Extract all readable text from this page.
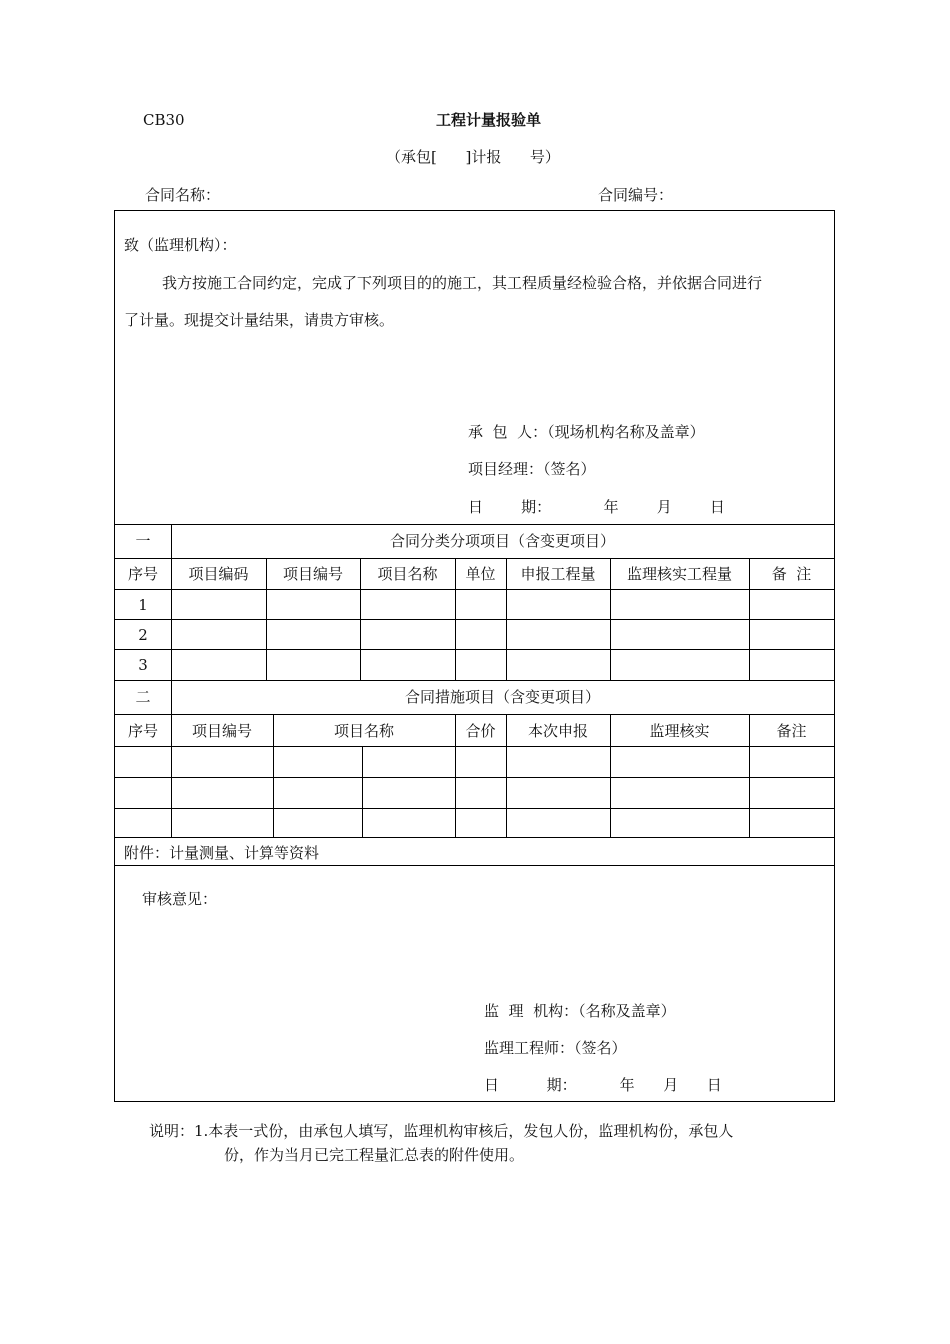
CB30	工程计量报验单
（承包[      ]计报      号）
合同名称：	合同编号：
致（监理机构）：
我方按施工合同约定，完成了下列项目的的施工，其工程质量经检验合格，并依据合同进行
了计量。现提交计量结果，请贵方审核。
承  包  人：（现场机构名称及盖章）
项目经理：（签名）
日        期：           年        月        日
一	合同分类分项项目（含变更项目）
序号	项目编码	项目编号	项目名称	单位	申报工程量	监理核实工程量	备  注
1
2
3
二	合同措施项目（含变更项目）
序号	项目编号	项目名称	合价	本次申报	监理核实	备注
附件：计量测量、计算等资料
审核意见：
监  理  机构：（名称及盖章）
监理工程师：（签名）
日          期：         年      月      日
说明：1.本表一式份，由承包人填写，监理机构审核后，发包人份，监理机构份，承包人
份，作为当月已完工程量汇总表的附件使用。
